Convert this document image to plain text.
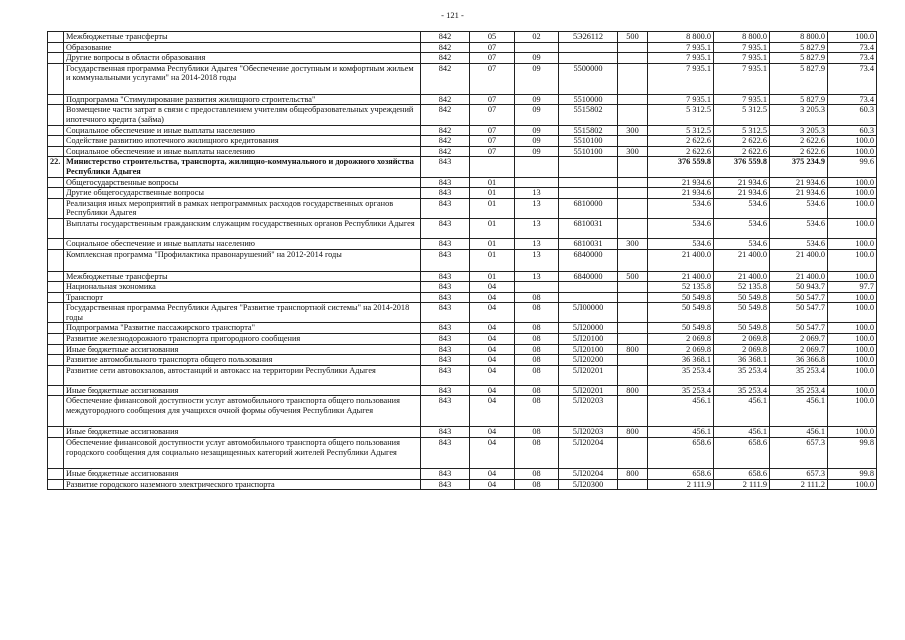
- 121 -
	Межбюджетные трансферты	842	05	02	5Э26112	500	8 800.0	8 800.0	8 800.0	100.0
	Образование	842	07				7 935.1	7 935.1	5 827.9	73.4
	Другие вопросы в области образования	842	07	09			7 935.1	7 935.1	5 827.9	73.4
	Государственная программа Республики Адыгея "Обеспечение доступным и комфортным жильем и коммунальными услугами" на 2014-2018 годы	842	07	09	5500000		7 935.1	7 935.1	5 827.9	73.4
	Подпрограмма "Стимулирование развития жилищного строительства"	842	07	09	5510000		7 935.1	7 935.1	5 827.9	73.4
	Возмещение части затрат в связи с предоставлением учителям общеобразовательных учреждений ипотечного кредита (займа)	842	07	09	5515802		5 312.5	5 312.5	3 205.3	60.3
	Социальное обеспечение и иные выплаты населению	842	07	09	5515802	300	5 312.5	5 312.5	3 205.3	60.3
	Содействие развитию ипотечного жилищного кредитования	842	07	09	5510100		2 622.6	2 622.6	2 622.6	100.0
	Социальное обеспечение и иные выплаты населению	842	07	09	5510100	300	2 622.6	2 622.6	2 622.6	100.0
22.	Министерство строительства, транспорта, жилищно-коммунального и дорожного хозяйства Республики Адыгея	843					376 559.8	376 559.8	375 234.9	99.6
	Общегосударственные вопросы	843	01				21 934.6	21 934.6	21 934.6	100.0
	Другие общегосударственные вопросы	843	01	13			21 934.6	21 934.6	21 934.6	100.0
	Реализация иных мероприятий в рамках непрограммных расходов государственных органов Республики Адыгея	843	01	13	6810000		534.6	534.6	534.6	100.0
	Выплаты государственным гражданским служащим государственных органов Республики Адыгея	843	01	13	6810031		534.6	534.6	534.6	100.0
	Социальное обеспечение и иные выплаты населению	843	01	13	6810031	300	534.6	534.6	534.6	100.0
	Комплексная программа "Профилактика правонарушений" на 2012-2014 годы	843	01	13	6840000		21 400.0	21 400.0	21 400.0	100.0
	Межбюджетные трансферты	843	01	13	6840000	500	21 400.0	21 400.0	21 400.0	100.0
	Национальная экономика	843	04				52 135.8	52 135.8	50 943.7	97.7
	Транспорт	843	04	08			50 549.8	50 549.8	50 547.7	100.0
	Государственная программа Республики Адыгея "Развитие транспортной системы" на 2014-2018 годы	843	04	08	5Л00000		50 549.8	50 549.8	50 547.7	100.0
	Подпрограмма "Развитие пассажирского транспорта"	843	04	08	5Л20000		50 549.8	50 549.8	50 547.7	100.0
	Развитие железнодорожного транспорта пригородного сообщения	843	04	08	5Л20100		2 069.8	2 069.8	2 069.7	100.0
	Иные бюджетные ассигнования	843	04	08	5Л20100	800	2 069.8	2 069.8	2 069.7	100.0
	Развитие автомобильного транспорта общего пользования	843	04	08	5Л20200		36 368.1	36 368.1	36 366.8	100.0
	Развитие сети автовокзалов, автостанций и автокасс на территории Республики Адыгея	843	04	08	5Л20201		35 253.4	35 253.4	35 253.4	100.0
	Иные бюджетные ассигнования	843	04	08	5Л20201	800	35 253.4	35 253.4	35 253.4	100.0
	Обеспечение финансовой доступности услуг автомобильного транспорта общего пользования междугородного сообщения для учащихся очной формы обучения Республики Адыгея	843	04	08	5Л20203		456.1	456.1	456.1	100.0
	Иные бюджетные ассигнования	843	04	08	5Л20203	800	456.1	456.1	456.1	100.0
	Обеспечение финансовой доступности услуг автомобильного транспорта общего пользования городского сообщения для социально незащищенных категорий жителей Республики Адыгея	843	04	08	5Л20204		658.6	658.6	657.3	99.8
	Иные бюджетные ассигнования	843	04	08	5Л20204	800	658.6	658.6	657.3	99.8
	Развитие городского наземного электрического транспорта	843	04	08	5Л20300		2 111.9	2 111.9	2 111.2	100.0
